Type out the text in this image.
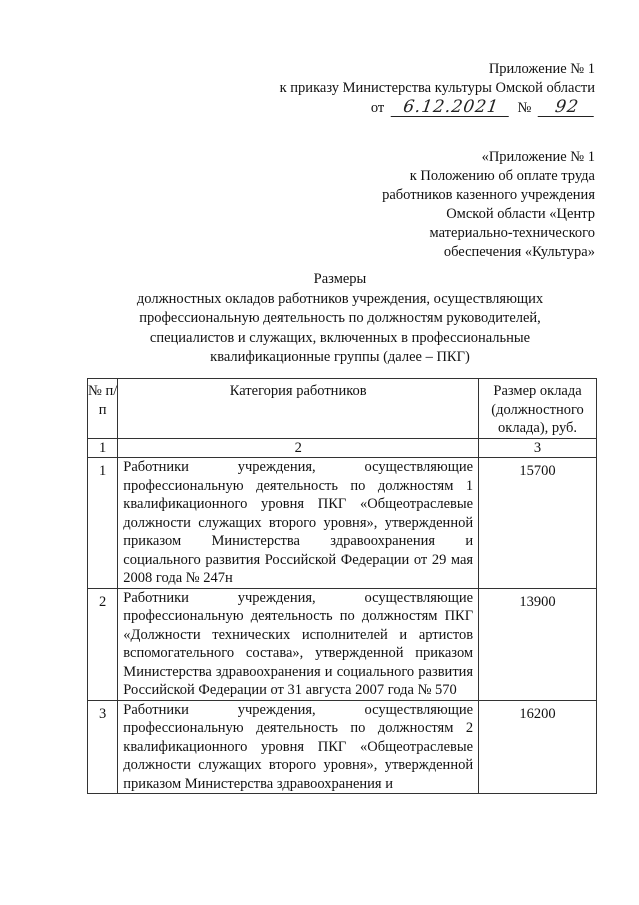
Приложение № 1
к приказу Министерства культуры Омской области
от 6.12.2021 № 92
«Приложение № 1
к Положению об оплате труда
работников казенного учреждения
Омской области «Центр
материально-технического
обеспечения «Культура»
Размеры
должностных окладов работников учреждения, осуществляющих
профессиональную деятельность по должностям руководителей,
специалистов и служащих, включенных в профессиональные
квалификационные группы (далее – ПКГ)
№ п/п	Категория работников	Размер оклада (должностного оклада), руб.
1	2	3
1	Работники учреждения, осуществляющие профессиональную деятельность по должностям 1 квалификационного уровня ПКГ «Общеотраслевые должности служащих второго уровня», утвержденной приказом Министерства здравоохранения и социального развития Российской Федерации от 29 мая 2008 года № 247н	15700
2	Работники учреждения, осуществляющие профессиональную деятельность по должностям ПКГ «Должности технических исполнителей и артистов вспомогательного состава», утвержденной приказом Министерства здравоохранения и социального развития Российской Федерации от 31 августа 2007 года № 570	13900
3	Работники учреждения, осуществляющие профессиональную деятельность по должностям 2 квалификационного уровня ПКГ «Общеотраслевые должности служащих второго уровня», утвержденной приказом Министерства здравоохранения и	16200
